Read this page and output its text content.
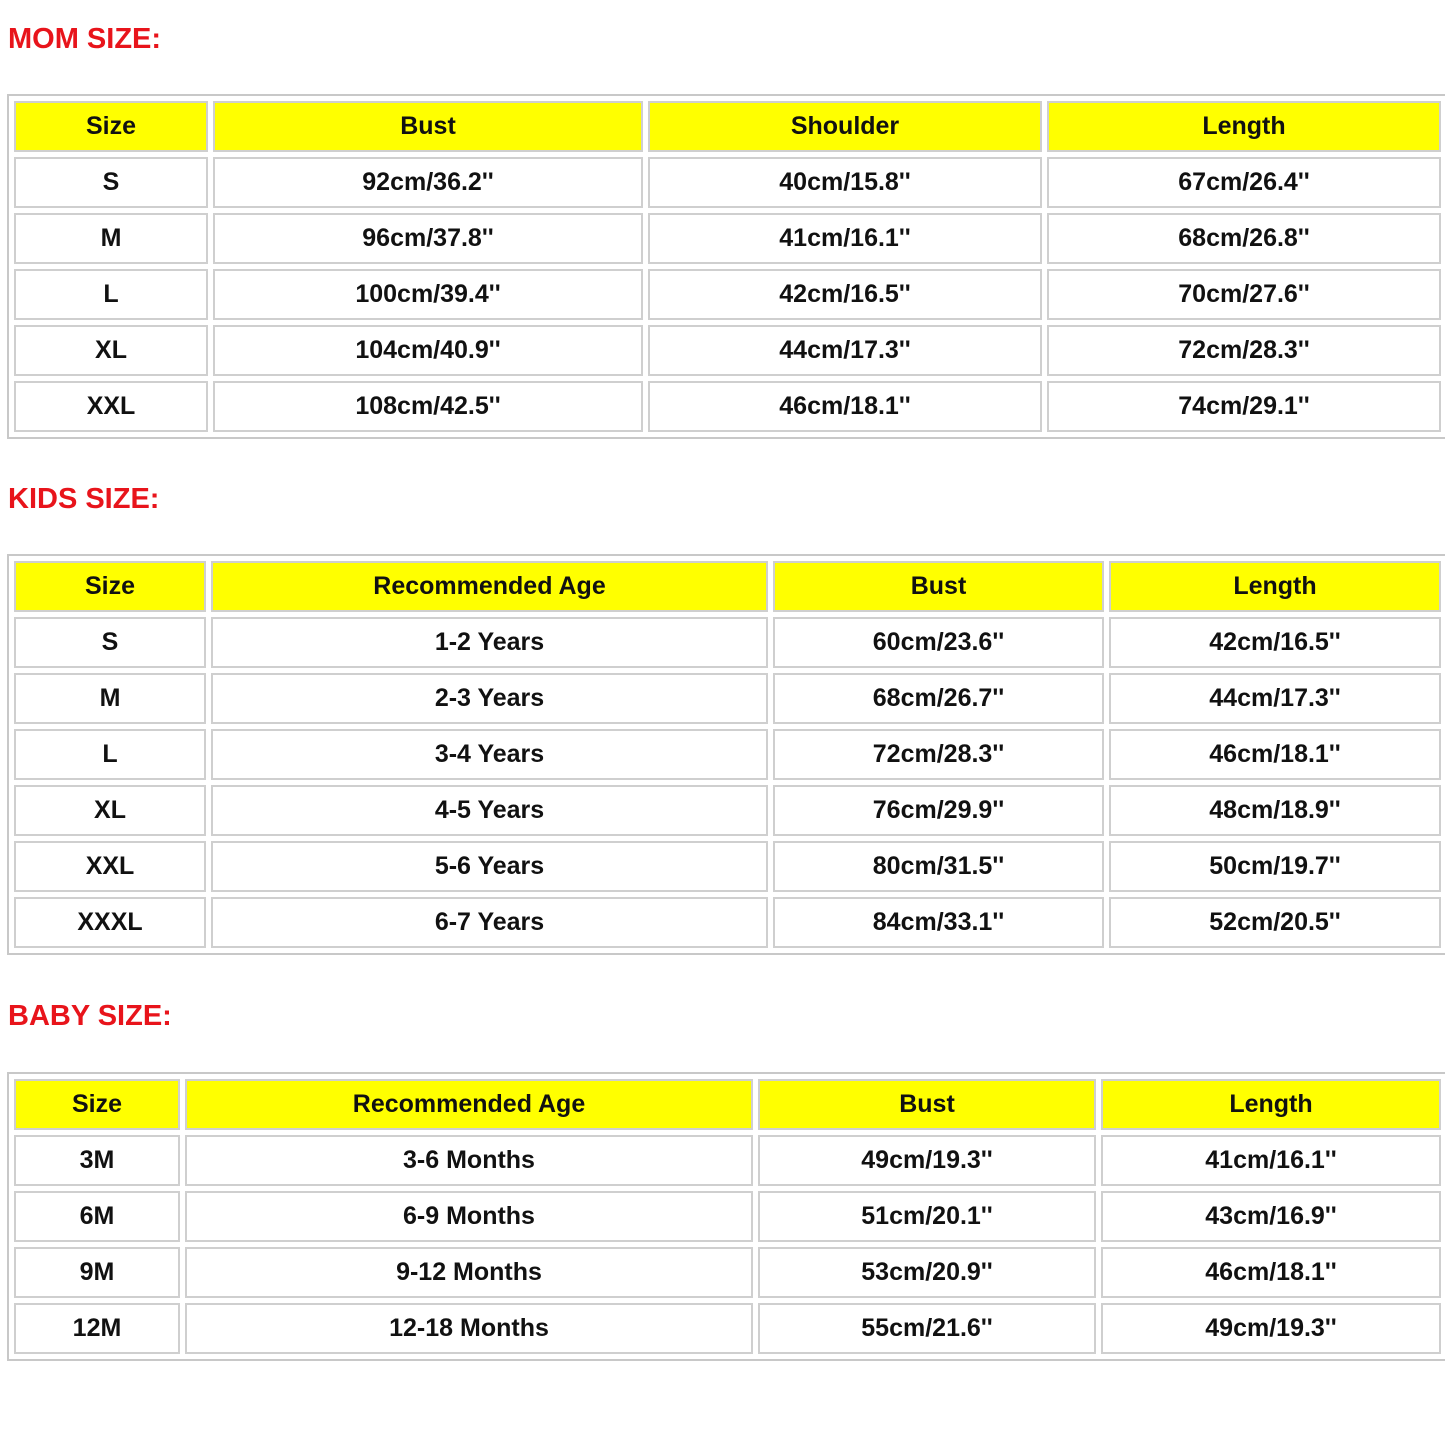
MOM SIZE:
Size	Bust	Shoulder	Length
S	92cm/36.2''	40cm/15.8''	67cm/26.4''
M	96cm/37.8''	41cm/16.1''	68cm/26.8''
L	100cm/39.4''	42cm/16.5''	70cm/27.6''
XL	104cm/40.9''	44cm/17.3''	72cm/28.3''
XXL	108cm/42.5''	46cm/18.1''	74cm/29.1''
KIDS SIZE:
Size	Recommended Age	Bust	Length
S	1-2 Years	60cm/23.6''	42cm/16.5''
M	2-3 Years	68cm/26.7''	44cm/17.3''
L	3-4 Years	72cm/28.3''	46cm/18.1''
XL	4-5 Years	76cm/29.9''	48cm/18.9''
XXL	5-6 Years	80cm/31.5''	50cm/19.7''
XXXL	6-7 Years	84cm/33.1''	52cm/20.5''
BABY SIZE:
Size	Recommended Age	Bust	Length
3M	3-6 Months	49cm/19.3''	41cm/16.1''
6M	6-9 Months	51cm/20.1''	43cm/16.9''
9M	9-12 Months	53cm/20.9''	46cm/18.1''
12M	12-18 Months	55cm/21.6''	49cm/19.3''
